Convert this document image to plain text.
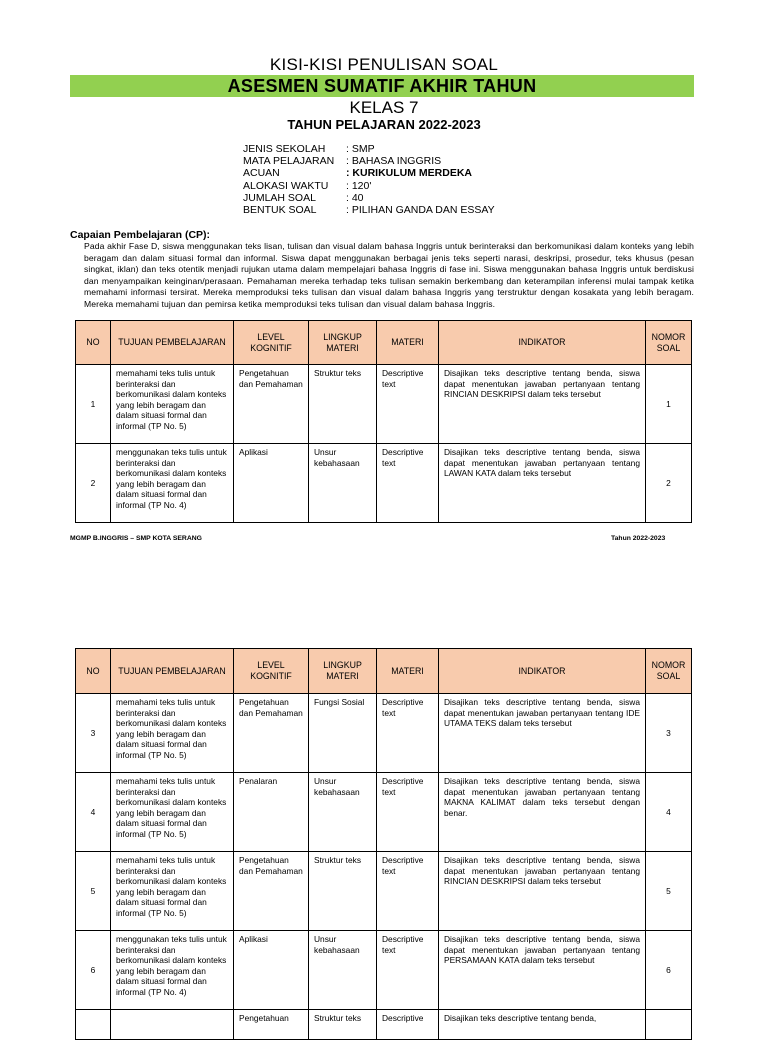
KISI-KISI PENULISAN SOAL
ASESMEN SUMATIF AKHIR TAHUN
KELAS 7
TAHUN PELAJARAN 2022-2023
JENIS SEKOLAH	: SMP
MATA PELAJARAN	: BAHASA INGGRIS
ACUAN	: KURIKULUM MERDEKA
ALOKASI WAKTU	: 120'
JUMLAH SOAL	: 40
BENTUK SOAL	: PILIHAN GANDA DAN ESSAY
Capaian Pembelajaran (CP):
Pada akhir Fase D, siswa menggunakan teks lisan, tulisan dan visual dalam bahasa Inggris untuk berinteraksi dan berkomunikasi dalam konteks yang lebih beragam dan dalam situasi formal dan informal. Siswa dapat menggunakan berbagai jenis teks seperti narasi, deskripsi, prosedur, teks khusus (pesan singkat, iklan) dan teks otentik menjadi rujukan utama dalam mempelajari bahasa Inggris di fase ini. Siswa menggunakan bahasa Inggris untuk berdiskusi dan menyampaikan keinginan/perasaan. Pemahaman mereka terhadap teks tulisan semakin berkembang dan keterampilan inferensi mulai tampak ketika memahami informasi tersirat. Mereka memproduksi teks tulisan dan visual dalam bahasa Inggris yang terstruktur dengan kosakata yang lebih beragam. Mereka memahami tujuan dan pemirsa ketika memproduksi teks tulisan dan visual dalam bahasa Inggris.
NO	TUJUAN PEMBELAJARAN	LEVEL KOGNITIF	LINGKUP MATERI	MATERI	INDIKATOR	NOMOR SOAL
1	memahami teks tulis untuk berinteraksi dan berkomunikasi dalam konteks yang lebih beragam dan dalam situasi formal dan informal (TP No. 5)	Pengetahuan dan Pemahaman	Struktur teks	Descriptive text	Disajikan teks descriptive tentang benda, siswa dapat menentukan jawaban pertanyaan tentang RINCIAN DESKRIPSI dalam teks tersebut	1
2	menggunakan teks tulis untuk berinteraksi dan berkomunikasi dalam konteks yang lebih beragam dan dalam situasi formal dan informal (TP No. 4)	Aplikasi	Unsur kebahasaan	Descriptive text	Disajikan teks descriptive tentang benda, siswa dapat menentukan jawaban pertanyaan tentang LAWAN KATA dalam teks tersebut	2
MGMP B.INGGRIS – SMP KOTA SERANG	Tahun 2022-2023
NO	TUJUAN PEMBELAJARAN	LEVEL KOGNITIF	LINGKUP MATERI	MATERI	INDIKATOR	NOMOR SOAL
3	memahami teks tulis untuk berinteraksi dan berkomunikasi dalam konteks yang lebih beragam dan dalam situasi formal dan informal (TP No. 5)	Pengetahuan dan Pemahaman	Fungsi Sosial	Descriptive text	Disajikan teks descriptive tentang benda, siswa dapat menentukan jawaban pertanyaan tentang IDE UTAMA TEKS dalam teks tersebut	3
4	memahami teks tulis untuk berinteraksi dan berkomunikasi dalam konteks yang lebih beragam dan dalam situasi formal dan informal (TP No. 5)	Penalaran	Unsur kebahasaan	Descriptive text	Disajikan teks descriptive tentang benda, siswa dapat menentukan jawaban pertanyaan tentang MAKNA KALIMAT dalam teks tersebut dengan benar.	4
5	memahami teks tulis untuk berinteraksi dan berkomunikasi dalam konteks yang lebih beragam dan dalam situasi formal dan informal (TP No. 5)	Pengetahuan dan Pemahaman	Struktur teks	Descriptive text	Disajikan teks descriptive tentang benda, siswa dapat menentukan jawaban pertanyaan tentang RINCIAN DESKRIPSI dalam teks tersebut	5
6	menggunakan teks tulis untuk berinteraksi dan berkomunikasi dalam konteks yang lebih beragam dan dalam situasi formal dan informal (TP No. 4)	Aplikasi	Unsur kebahasaan	Descriptive text	Disajikan teks descriptive tentang benda, siswa dapat menentukan jawaban pertanyaan tentang PERSAMAAN KATA dalam teks tersebut	6
		Pengetahuan	Struktur teks	Descriptive	Disajikan teks descriptive tentang benda,	
